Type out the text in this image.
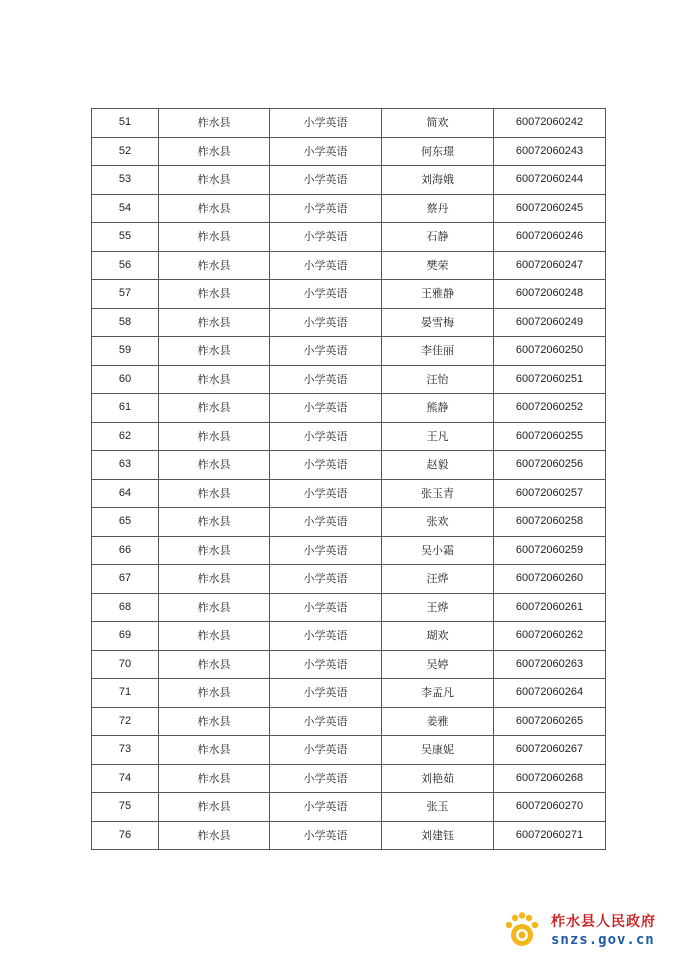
51	柞水县	小学英语	简欢	60072060242
52	柞水县	小学英语	何东璟	60072060243
53	柞水县	小学英语	刘海娥	60072060244
54	柞水县	小学英语	蔡丹	60072060245
55	柞水县	小学英语	石静	60072060246
56	柞水县	小学英语	樊荣	60072060247
57	柞水县	小学英语	王雅静	60072060248
58	柞水县	小学英语	晏雪梅	60072060249
59	柞水县	小学英语	李佳丽	60072060250
60	柞水县	小学英语	汪怡	60072060251
61	柞水县	小学英语	熊静	60072060252
62	柞水县	小学英语	王凡	60072060255
63	柞水县	小学英语	赵毅	60072060256
64	柞水县	小学英语	张玉青	60072060257
65	柞水县	小学英语	张欢	60072060258
66	柞水县	小学英语	吴小霜	60072060259
67	柞水县	小学英语	汪烨	60072060260
68	柞水县	小学英语	王烨	60072060261
69	柞水县	小学英语	瑚欢	60072060262
70	柞水县	小学英语	吴婷	60072060263
71	柞水县	小学英语	李孟凡	60072060264
72	柞水县	小学英语	姜雅	60072060265
73	柞水县	小学英语	吴康妮	60072060267
74	柞水县	小学英语	刘艳茹	60072060268
75	柞水县	小学英语	张玉	60072060270
76	柞水县	小学英语	刘建钰	60072060271
柞水县人民政府
snzs.gov.cn
